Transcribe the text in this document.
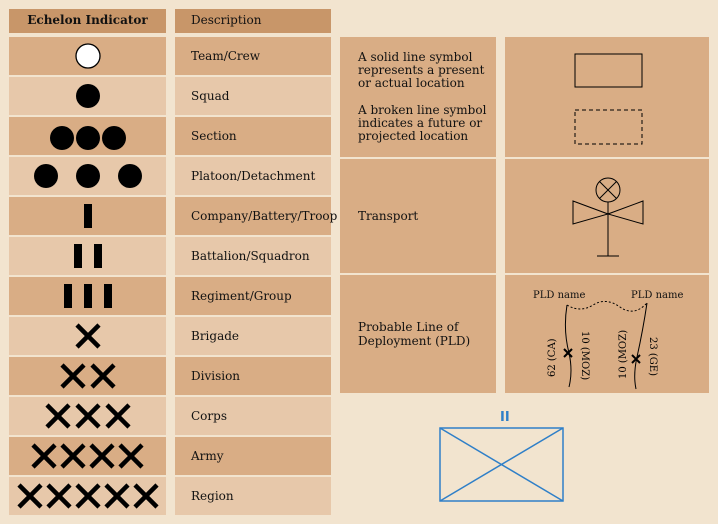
Echelon Indicator	Description
Team/Crew
Squad
Section
Platoon/Detachment
Company/Battery/Troop
Battalion/Squadron
Regiment/Group
Brigade
Division
Corps
Army
Region
A solid line symbol represents a present or actual location
A broken line symbol indicates a future or projected location
Transport
Probable Line of Deployment (PLD)
PLD name	PLD name
62 (CA) 10 (MOZ)	10 (MOZ) 23 (GE)
II
